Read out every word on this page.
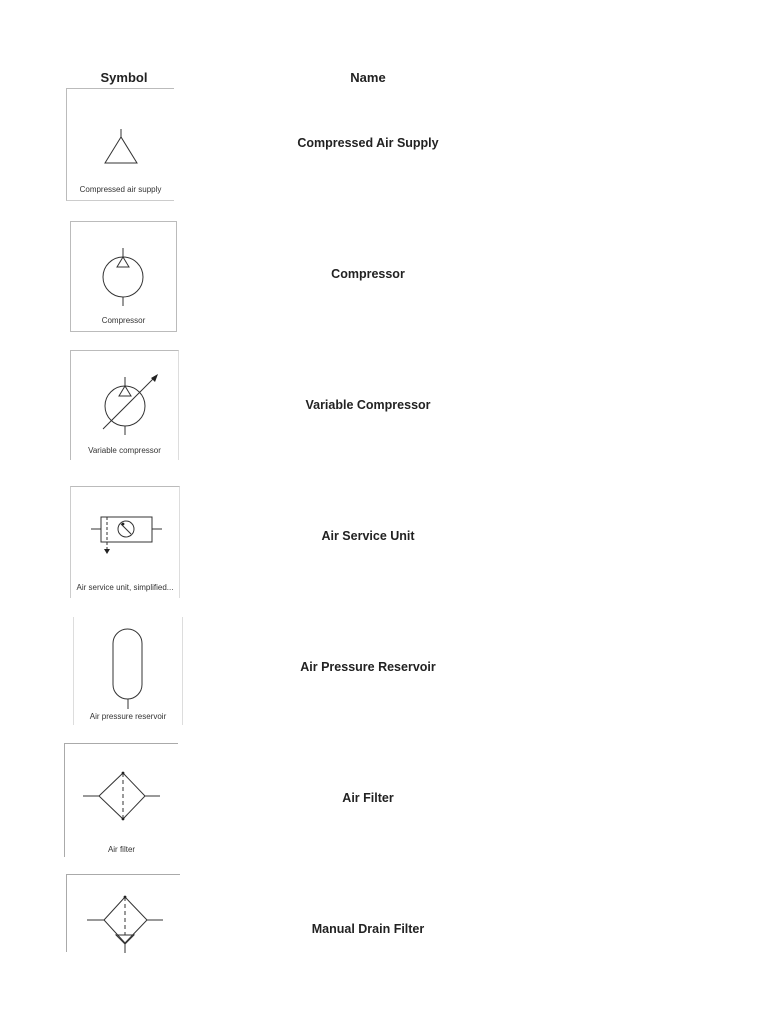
Symbol	Name
Compressed air supply
Compressed Air Supply
Compressor
Compressor
Variable compressor
Variable Compressor
Air service unit, simplified...
Air Service Unit
Air pressure reservoir
Air Pressure Reservoir
Air filter
Air Filter
Manual Drain Filter
